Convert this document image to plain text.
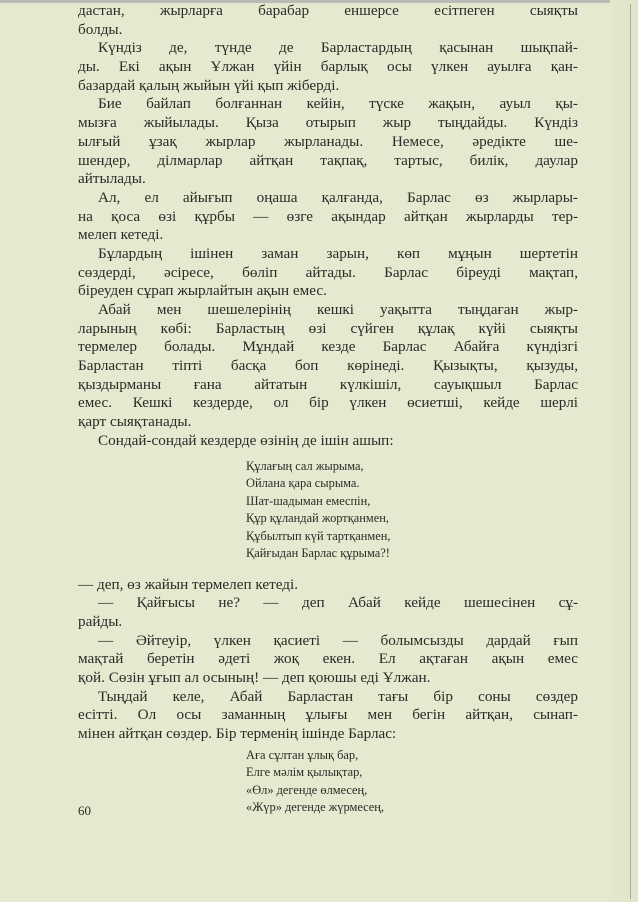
дастан, жырларға барабар еншерсе есітпеген сыяқты
болды.
Күндіз де, түнде де Барластардың қасынан шықпай-
ды. Екі ақын Ұлжан үйін барлық осы үлкен ауылға қан-
базардай қалың жыйын үйі қып жіберді.
Бие байлап болғаннан кейін, түске жақын, ауыл қы-
мызға жыйылады. Қыза отырып жыр тыңдайды. Күндіз
ылғый ұзақ жырлар жырланады. Немесе, әредікте ше-
шендер, ділмарлар айтқан тақпақ, тартыс, билік, даулар
айтылады.
Ал, ел айығып оңаша қалғанда, Барлас өз жырлары-
на қоса өзі құрбы — өзге ақындар айтқан жырларды тер-
мелеп кетеді.
Бұлардың ішінен заман зарын, көп мұңын шертетін
сөздерді, әсіресе, бөліп айтады. Барлас біреуді мақтап,
біреуден сұрап жырлайтын ақын емес.
Абай мен шешелерінің кешкі уақытта тыңдаған жыр-
ларының көбі: Барластың өзі сүйген құлақ күйі сыяқты
термелер болады. Мұндай кезде Барлас Абайға күндізгі
Барластан тіпті басқа боп көрінеді. Қызықты, қызуды,
қыздырманы ғана айтатын күлкішіл, сауықшыл Барлас
емес. Кешкі кездерде, ол бір үлкен өсиетші, кейде шерлі
қарт сыяқтанады.
Сондай-сондай кездерде өзінің де ішін ашып:
Құлағың сал жырыма,
Ойлана қара сырыма.
Шат-шадыман емеспін,
Құр құландай жортқанмен,
Құбылтып күй тартқанмен,
Қайғыдан Барлас құрыма?!
— деп, өз жайын термелеп кетеді.
— Қайғысы не? — деп Абай кейде шешесінен сұ-
райды.
— Әйтеуір, үлкен қасиеті — болымсызды дардай ғып
мақтай беретін әдеті жоқ екен. Ел ақтаған ақын емес
қой. Сөзін ұғып ал осының! — деп қоюшы еді Ұлжан.
Тыңдай келе, Абай Барластан тағы бір соны сөздер
есітті. Ол осы заманның ұлығы мен бегін айтқан, сынап-
мінен айтқан сөздер. Бір терменің ішінде Барлас:
Аға сұлтан ұлық бар,
Елге мәлім қылықтар,
«Өл» дегенде өлмесең,
«Жүр» дегенде жүрмесең,
60
